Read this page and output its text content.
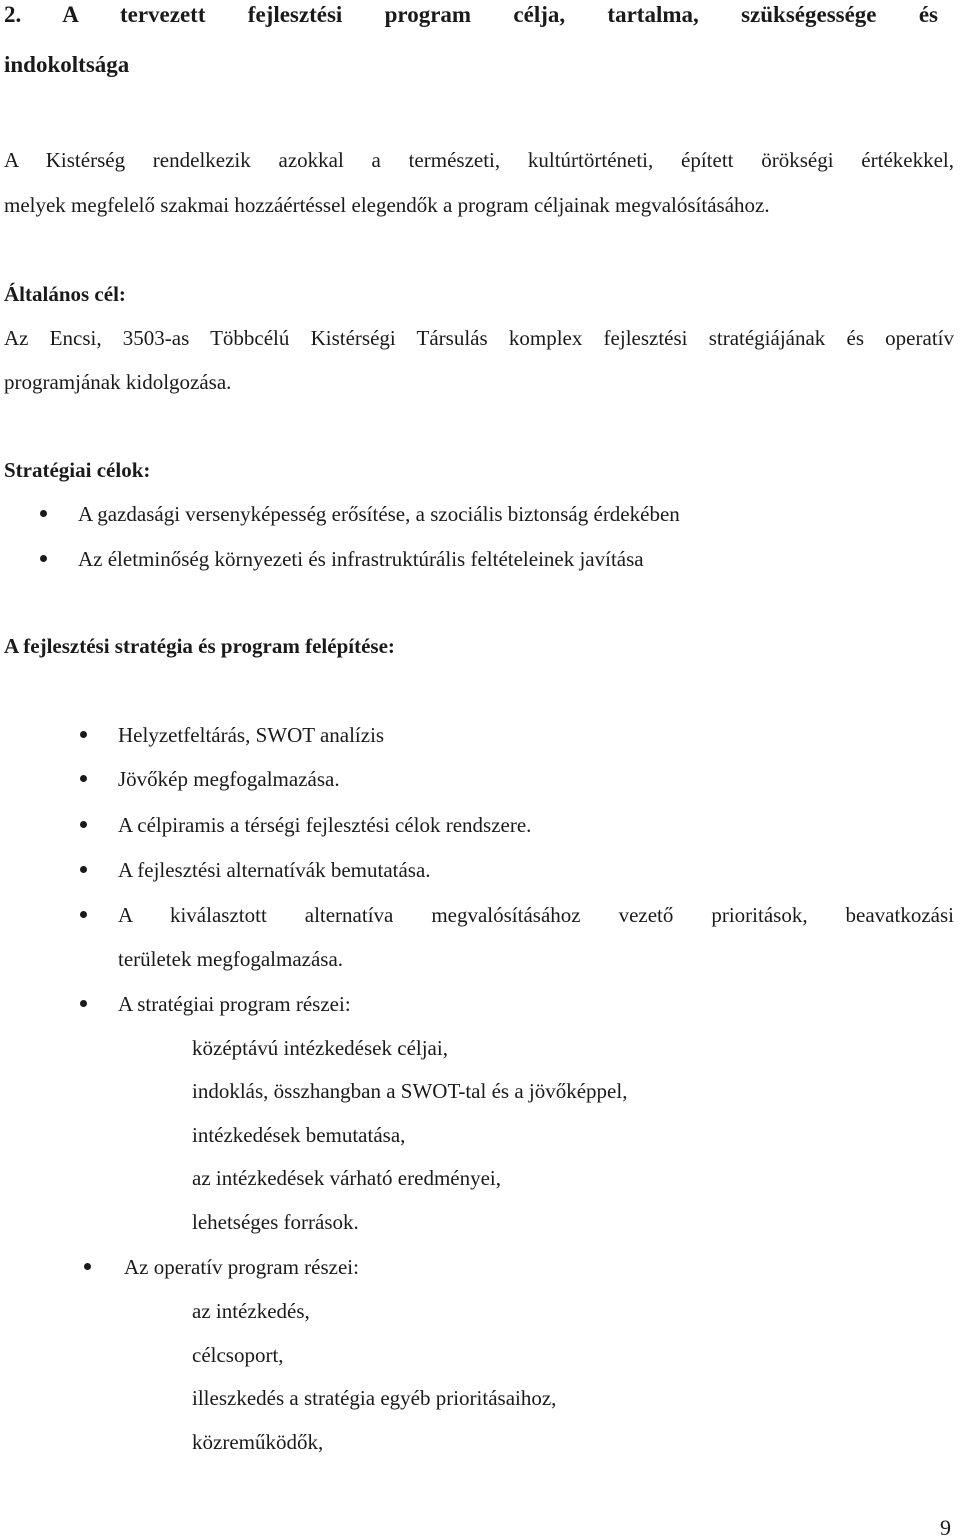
2. A tervezett fejlesztési program célja, tartalma, szükségessége és
indokoltsága
A Kistérség rendelkezik azokkal a természeti, kultúrtörténeti, épített örökségi értékekkel,
melyek megfelelő szakmai hozzáértéssel elegendők a program céljainak megvalósításához.
Általános cél:
Az Encsi, 3503-as Többcélú Kistérségi Társulás komplex fejlesztési stratégiájának és operatív
programjának kidolgozása.
Stratégiai célok:
A gazdasági versenyképesség erősítése, a szociális biztonság érdekében
Az életminőség környezeti és infrastruktúrális feltételeinek javítása
A fejlesztési stratégia és program felépítése:
Helyzetfeltárás, SWOT analízis
Jövőkép megfogalmazása.
A célpiramis a térségi fejlesztési célok rendszere.
A fejlesztési alternatívák bemutatása.
A kiválasztott alternatíva megvalósításához vezető prioritások, beavatkozási
területek megfogalmazása.
A stratégiai program részei:
középtávú intézkedések céljai,
indoklás, összhangban a SWOT-tal és a jövőképpel,
intézkedések bemutatása,
az intézkedések várható eredményei,
lehetséges források.
Az operatív program részei:
az intézkedés,
célcsoport,
illeszkedés a stratégia egyéb prioritásaihoz,
közreműködők,
9
